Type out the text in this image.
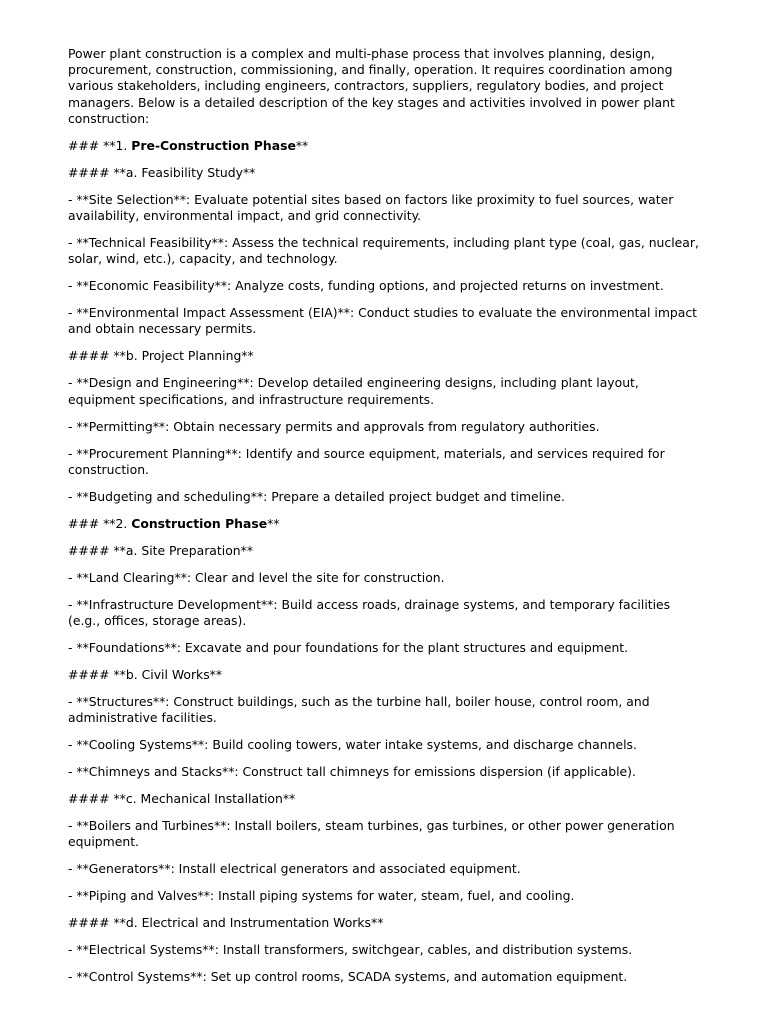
Power plant construction is a complex and multi-phase process that involves planning, design, procurement, construction, commissioning, and finally, operation. It requires coordination among various stakeholders, including engineers, contractors, suppliers, regulatory bodies, and project managers. Below is a detailed description of the key stages and activities involved in power plant construction:

### **1. Pre-Construction Phase**

#### **a. Feasibility Study**

- **Site Selection**: Evaluate potential sites based on factors like proximity to fuel sources, water availability, environmental impact, and grid connectivity.

- **Technical Feasibility**: Assess the technical requirements, including plant type (coal, gas, nuclear, solar, wind, etc.), capacity, and technology.

- **Economic Feasibility**: Analyze costs, funding options, and projected returns on investment.

- **Environmental Impact Assessment (EIA)**: Conduct studies to evaluate the environmental impact and obtain necessary permits.

#### **b. Project Planning**

- **Design and Engineering**: Develop detailed engineering designs, including plant layout, equipment specifications, and infrastructure requirements.

- **Permitting**: Obtain necessary permits and approvals from regulatory authorities.

- **Procurement Planning**: Identify and source equipment, materials, and services required for construction.

- **Budgeting and scheduling**: Prepare a detailed project budget and timeline.

### **2. Construction Phase**

#### **a. Site Preparation**

- **Land Clearing**: Clear and level the site for construction.

- **Infrastructure Development**: Build access roads, drainage systems, and temporary facilities (e.g., offices, storage areas).

- **Foundations**: Excavate and pour foundations for the plant structures and equipment.

#### **b. Civil Works**

- **Structures**: Construct buildings, such as the turbine hall, boiler house, control room, and administrative facilities.

- **Cooling Systems**: Build cooling towers, water intake systems, and discharge channels.

- **Chimneys and Stacks**: Construct tall chimneys for emissions dispersion (if applicable).

#### **c. Mechanical Installation**

- **Boilers and Turbines**: Install boilers, steam turbines, gas turbines, or other power generation equipment.

- **Generators**: Install electrical generators and associated equipment.

- **Piping and Valves**: Install piping systems for water, steam, fuel, and cooling.

#### **d. Electrical and Instrumentation Works**

- **Electrical Systems**: Install transformers, switchgear, cables, and distribution systems.

- **Control Systems**: Set up control rooms, SCADA systems, and automation equipment.
